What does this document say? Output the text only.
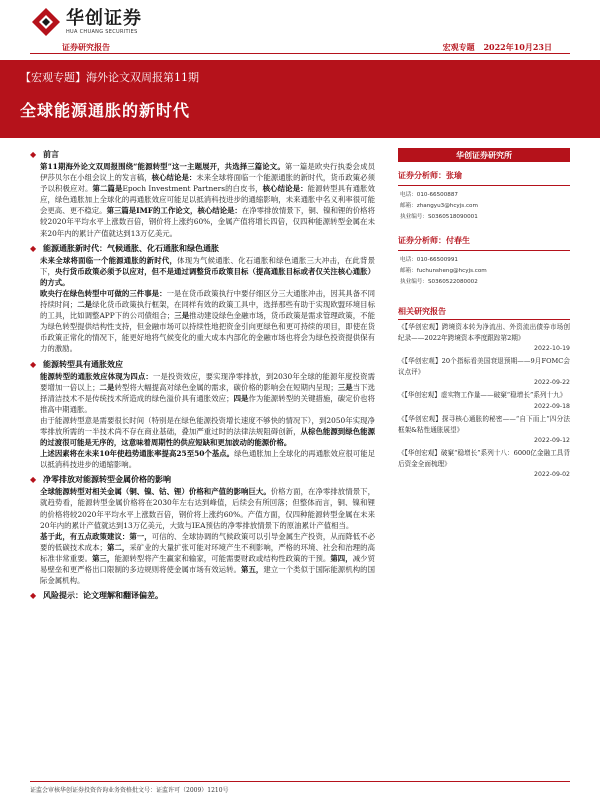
华创证券
HUA CHUANG SECURITIES
证券研究报告	宏观专题 2022年10月23日
【宏观专题】海外论文双周报第11期
全球能源通胀的新时代
◆ 前言
第11期海外论文双周报围绕“能源转型”这一主题展开，共选择三篇论文。第一篇是欧央行执委会成员伊莎贝尔在小组会议上的发言稿，核心结论是：未来全球将面临一个能源通胀的新时代，货币政策必须予以积极应对。第二篇是Epoch Investment Partners的白皮书，核心结论是：能源转型具有通胀效应，绿色通胀加上全球化的再通胀效应可能足以抵消科技进步的通缩影响，未来通胀中名义利率很可能会更高、更不稳定。第三篇是IMF的工作论文，核心结论是：在净零排放情景下，铜、镍和锂的价格将较2020年平均水平上涨数百倍，钢价将上涨约60%，金属产值将增长四倍，仅四种能源转型金属在未来20年内的累计产值就达到13万亿美元。
◆ 能源通胀新时代：气候通胀、化石通胀和绿色通胀
未来全球将面临一个能源通胀的新时代，体现为气候通胀、化石通胀和绿色通胀三大冲击，在此背景下，央行货币政策必须予以应对，但不是通过调整货币政策目标（提高通胀目标或者仅关注核心通胀）的方式。
欧央行在绿色转型中可做的三件事是：一是在货币政策执行中要仔细区分三大通胀冲击，因其具备不同持续时间；二是绿化货币政策执行框架，在同样有效的政策工具中，选择那些有助于实现欧盟环境目标的工具，比如调整APP下的公司债组合；三是推动建设绿色金融市场，货币政策是需求管理政策，不能为绿色转型提供结构性支持，但金融市场可以持续性地把资金引向更绿色和更可持续的项目，即使在货币政策正常化的情况下，能更好地将气候变化的重大成本内部化的金融市场也将会为绿色投资提供保有力的激励。
◆ 能源转型具有通胀效应
能源转型的通胀效应体现为四点：一是投资效应，要实现净零排放，到2030年全球的能源年度投资需要增加一倍以上；二是转型将大幅提高对绿色金属的需求，碳价格的影响会在短期内呈现；三是当下选择清洁技术不是传统技术所造成的绿色溢价具有通胀效应；四是作为能源转型的关键措施，碳定价也将推高中期通胀。
由于能源转型意是需要很长时间（特别是在绿色能源投资增长速度不够快的情况下），到2050年实现净零排放所需的一半技术尚不存在商业基础，叠加严重过时的法律法规阻碍创新，从棕色能源到绿色能源的过渡很可能是无序的，这意味着周期性的供应短缺和更加波动的能源价格。
上述因素将在未来10年使趋势通胀率提高25至50个基点。绿色通胀加上全球化的再通胀效应很可能足以抵消科技进步的通缩影响。
◆ 净零排放对能源转型金属价格的影响
全球能源转型对相关金属（铜、镍、钴、锂）价格和产值的影响巨大。价格方面，在净零排放情景下，就趋势看，能源转型金属价格将在2030年左右达到峰值，后续会有所回落；但整体而言，铜、镍和锂的价格将较2020年平均水平上涨数百倍，钢价将上涨约60%。产值方面，仅四种能源转型金属在未来20年内的累计产值就达到13万亿美元，大致与IEA预估的净零排放情景下的原油累计产值相当。
基于此，有五点政策建议：第一，可信的、全球协调的气候政策可以引导金属生产投资，从而降低不必要的低碳技术成本；第二，采矿业的大量扩张可能对环境产生不利影响，严格的环境、社会和治理的高标准非常重要。第三，能源转型将产生赢家和输家，可能需要财政或结构性政策的干预。第四，减少贸易壁垒和更严格出口限制的多边规则将使金属市场有效运转。第五，建立一个类似于国际能源机构的国际金属机构。
◆ 风险提示：论文理解和翻译偏差。
华创证券研究所
证券分析师：张瑜
电话：010-66500887
邮箱：zhangyu3@hcyjs.com
执业编号：S0360518090001
证券分析师：付春生
电话：010-66500991
邮箱：fuchunsheng@hcyjs.com
执业编号：S0360522080002
相关研究报告
《【华创宏观】跨境资本转为净流出、外资流出债券市场创纪录——2022年跨境资本季度跟踪第2期》
2022-10-19
《【华创宏观】20个指标看美国衰退预期——9月FOMC会议点评》
2022-09-22
《【华创宏观】虚实物工作量——破窠“稳增长”系列十九》
2022-09-18
《【华创宏观】探寻核心通胀的秘密——“自下而上”四分法框架&粘性通胀展望》
2022-09-12
《【华创宏观】破窠“稳增长”系列十八：6000亿金融工具背后资金全面梳理》
2022-09-02
证监会审核华创证券投资咨询业务资格批文号：证监许可（2009）1210号
